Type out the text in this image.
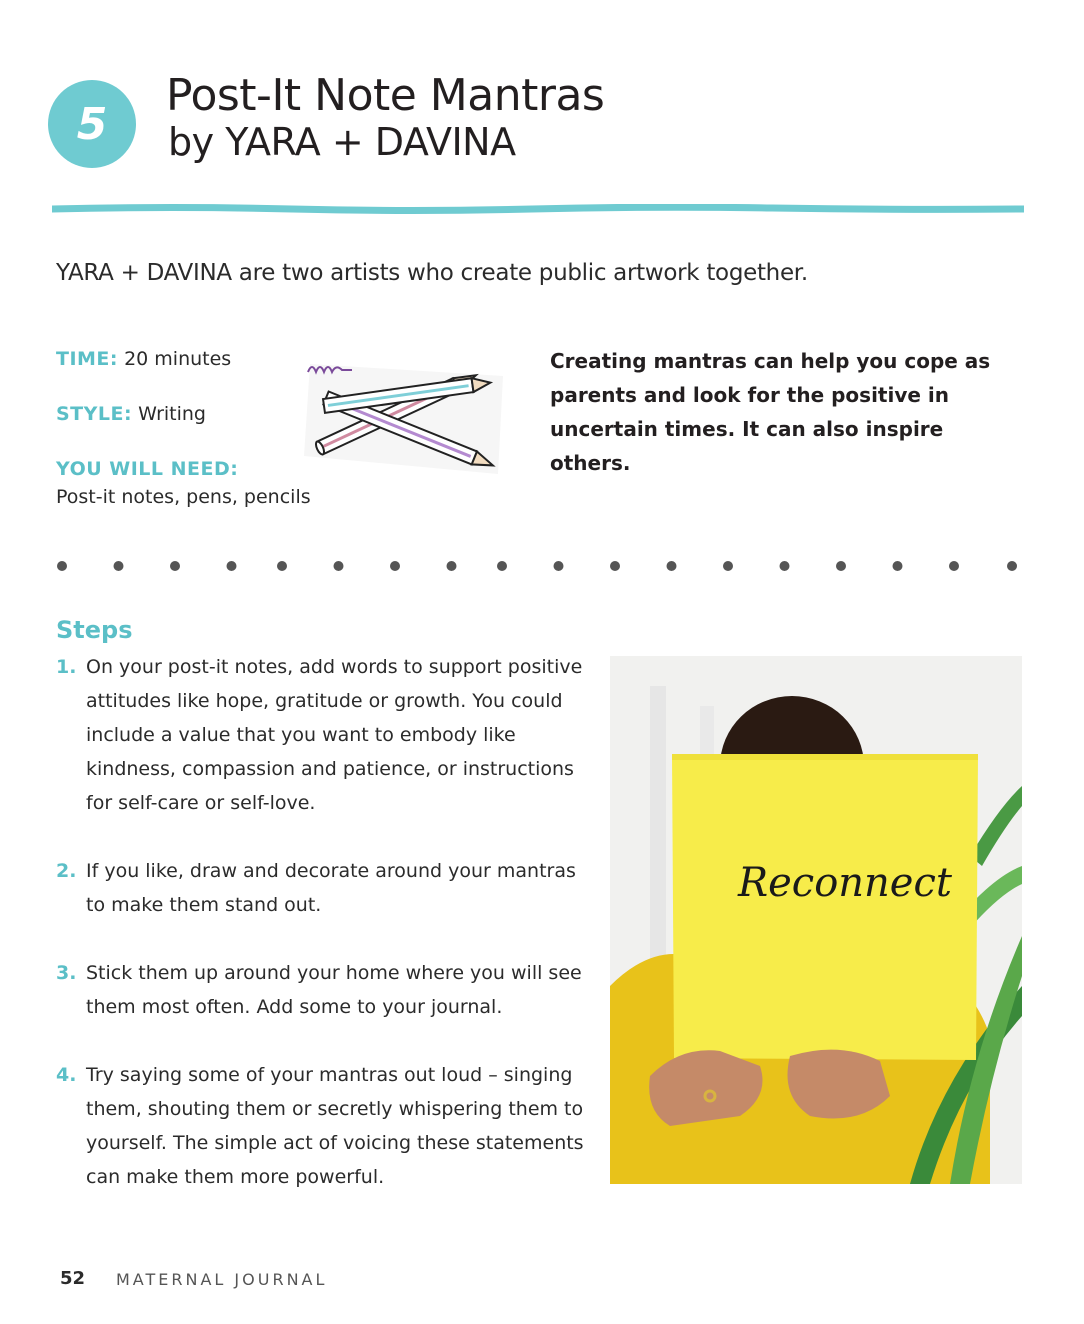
5
Post-It Note Mantras
by YARA + DAVINA
YARA + DAVINA are two artists who create public artwork together.
TIME: 20 minutes
STYLE: Writing
YOU WILL NEED:
Post-it notes, pens, pencils
Creating mantras can help you cope as parents and look for the positive in uncertain times. It can also inspire others.
Steps
1. On your post-it notes, add words to support positive attitudes like hope, gratitude or growth. You could include a value that you want to embody like kindness, compassion and patience, or instructions for self-care or self-love.
2. If you like, draw and decorate around your mantras to make them stand out.
3. Stick them up around your home where you will see them most often. Add some to your journal.
4. Try saying some of your mantras out loud – singing them, shouting them or secretly whispering them to yourself. The simple act of voicing these statements can make them more powerful.
Reconnect
52 MATERNAL JOURNAL
